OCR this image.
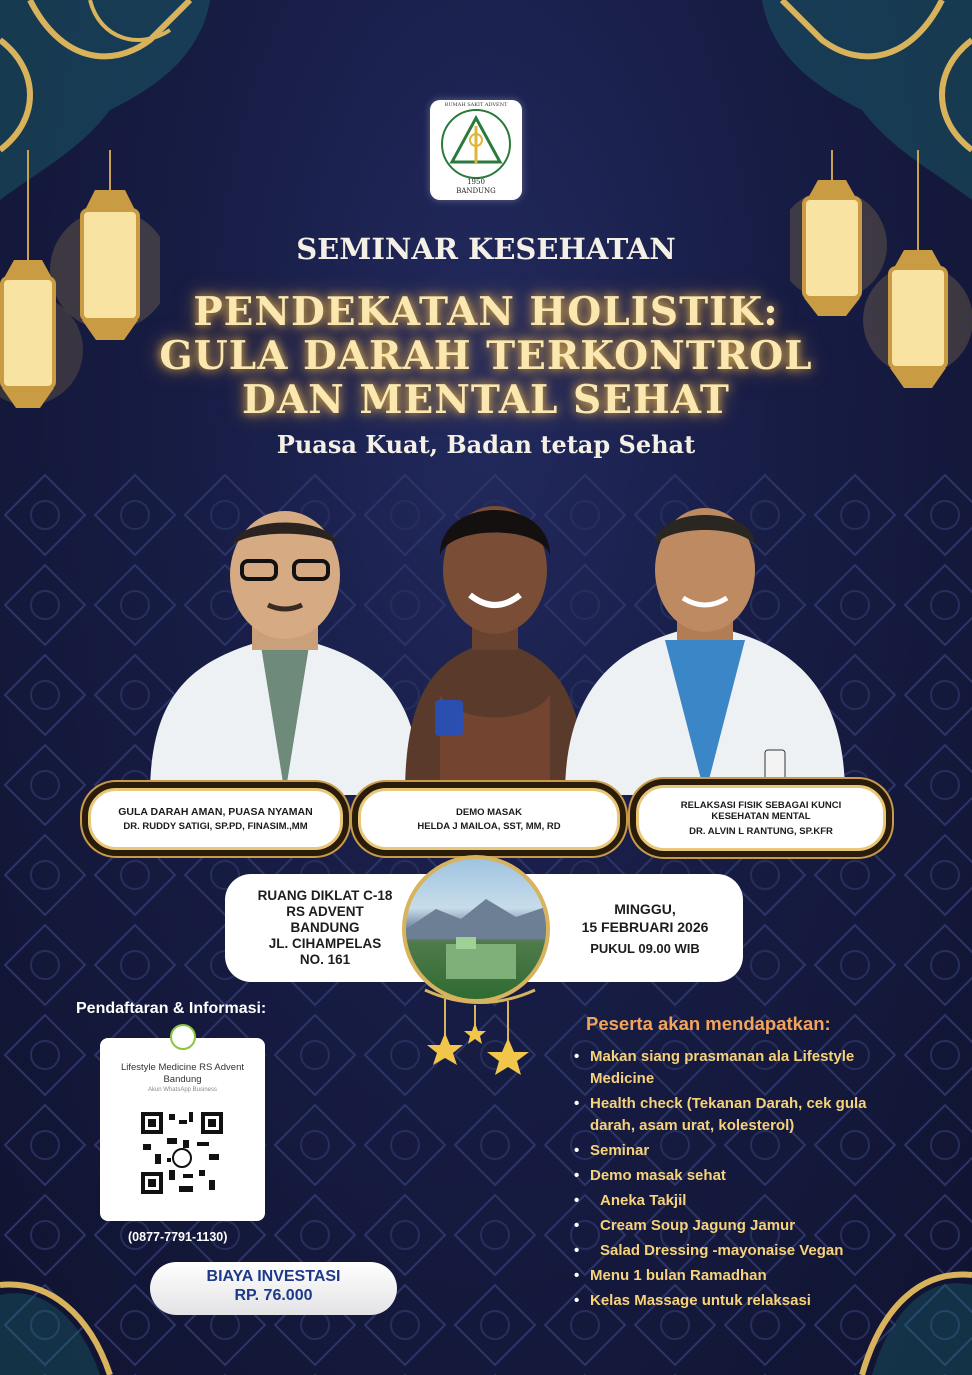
RUMAH SAKIT ADVENT
1950
BANDUNG
SEMINAR KESEHATAN
PENDEKATAN HOLISTIK:
GULA DARAH TERKONTROL
DAN MENTAL SEHAT
Puasa Kuat, Badan tetap Sehat
GULA DARAH AMAN, PUASA NYAMAN
DR. RUDDY SATIGI, SP.PD, FINASIM.,MM
DEMO MASAK
HELDA J MAILOA, SST, MM, RD
RELAKSASI FISIK SEBAGAI KUNCI KESEHATAN MENTAL
DR. ALVIN L RANTUNG, SP.KFR
RUANG DIKLAT C-18
RS ADVENT
BANDUNG
JL. CIHAMPELAS
NO. 161
MINGGU,
15 FEBRUARI 2026
PUKUL 09.00 WIB
Pendaftaran & Informasi:
Lifestyle Medicine RS Advent Bandung
Akun WhatsApp Business
(0877-7791-1130)
BIAYA INVESTASI
RP. 76.000
Peserta akan mendapatkan:
• Makan siang prasmanan ala Lifestyle Medicine
• Health check (Tekanan Darah, cek gula darah, asam urat, kolesterol)
• Seminar
• Demo masak sehat
• Aneka Takjil
• Cream Soup Jagung Jamur
• Salad Dressing -mayonaise Vegan
• Menu 1 bulan Ramadhan
• Kelas Massage untuk relaksasi
